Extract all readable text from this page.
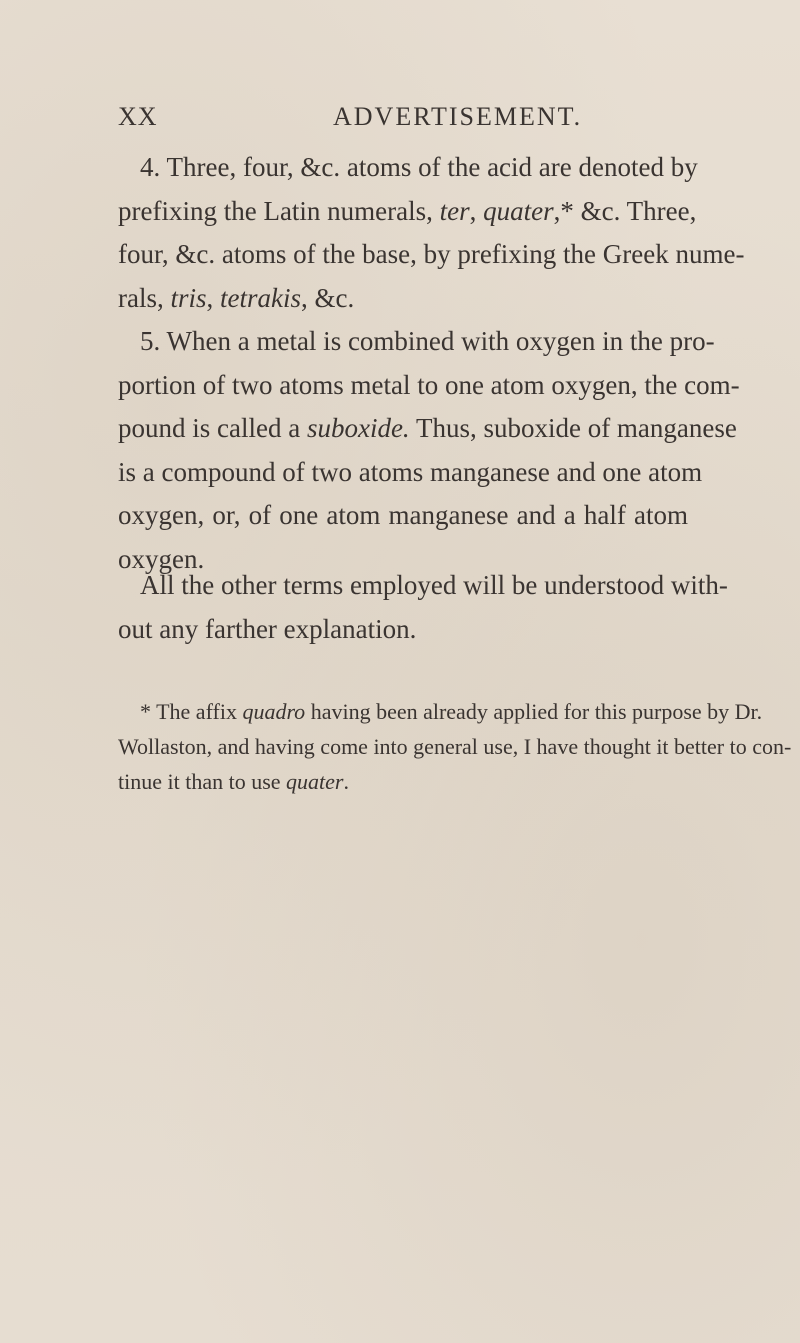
XX	ADVERTISEMENT.

4. Three, four, &c. atoms of the acid are denoted by
prefixing the Latin numerals, ter, quater,* &c. Three,
four, &c. atoms of the base, by prefixing the Greek nume-
rals, tris, tetrakis, &c.

5. When a metal is combined with oxygen in the pro-
portion of two atoms metal to one atom oxygen, the com-
pound is called a suboxide. Thus, suboxide of manganese
is a compound of two atoms manganese and one atom
oxygen, or, of one atom manganese and a half atom
oxygen.

All the other terms employed will be understood with-
out any farther explanation.

* The affix quadro having been already applied for this purpose by Dr.
Wollaston, and having come into general use, I have thought it better to con-
tinue it than to use quater.
